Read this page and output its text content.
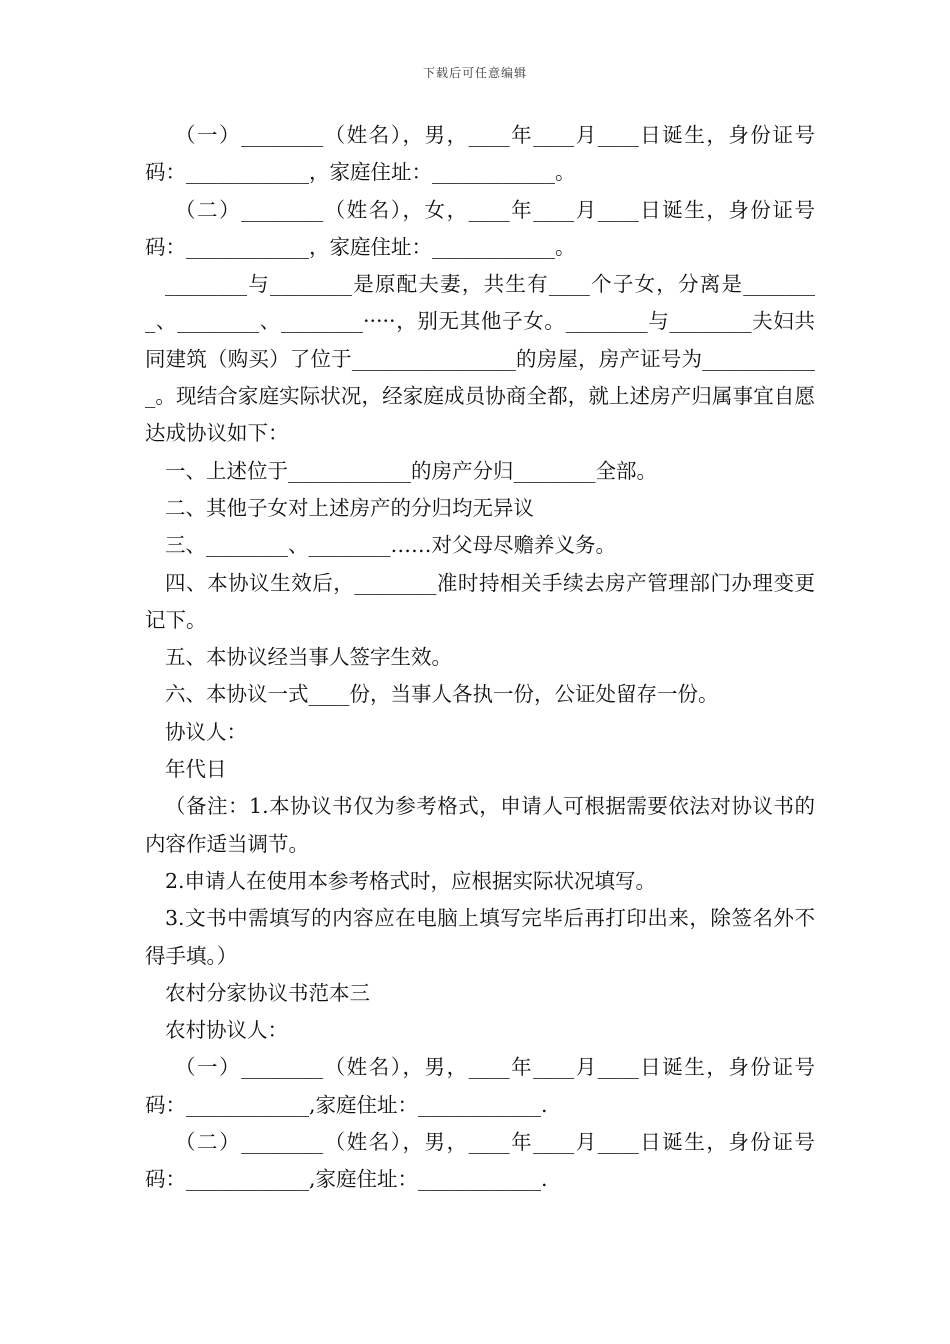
下载后可任意编辑

（一）________（姓名），男，____年____月____日诞生，身份证号码：____________，家庭住址：____________。

（二）________（姓名），女，____年____月____日诞生，身份证号码：____________，家庭住址：____________。

________与________是原配夫妻，共生有____个子女，分离是________、________、________·····，别无其他子女。________与________夫妇共同建筑（购买）了位于________________的房屋，房产证号为____________。现结合家庭实际状况，经家庭成员协商全都，就上述房产归属事宜自愿达成协议如下：

一、上述位于____________的房产分归________全部。

二、其他子女对上述房产的分归均无异议

三、________、________……对父母尽赡养义务。

四、本协议生效后，________准时持相关手续去房产管理部门办理变更记下。

五、本协议经当事人签字生效。

六、本协议一式____份，当事人各执一份，公证处留存一份。

协议人：

年代日

（备注：1.本协议书仅为参考格式，申请人可根据需要依法对协议书的内容作适当调节。

2.申请人在使用本参考格式时，应根据实际状况填写。

3.文书中需填写的内容应在电脑上填写完毕后再打印出来，除签名外不得手填。）

农村分家协议书范本三

农村协议人：

（一）________（姓名），男，____年____月____日诞生，身份证号码：____________,家庭住址：____________.

（二）________（姓名），男，____年____月____日诞生，身份证号码：____________,家庭住址：____________.
